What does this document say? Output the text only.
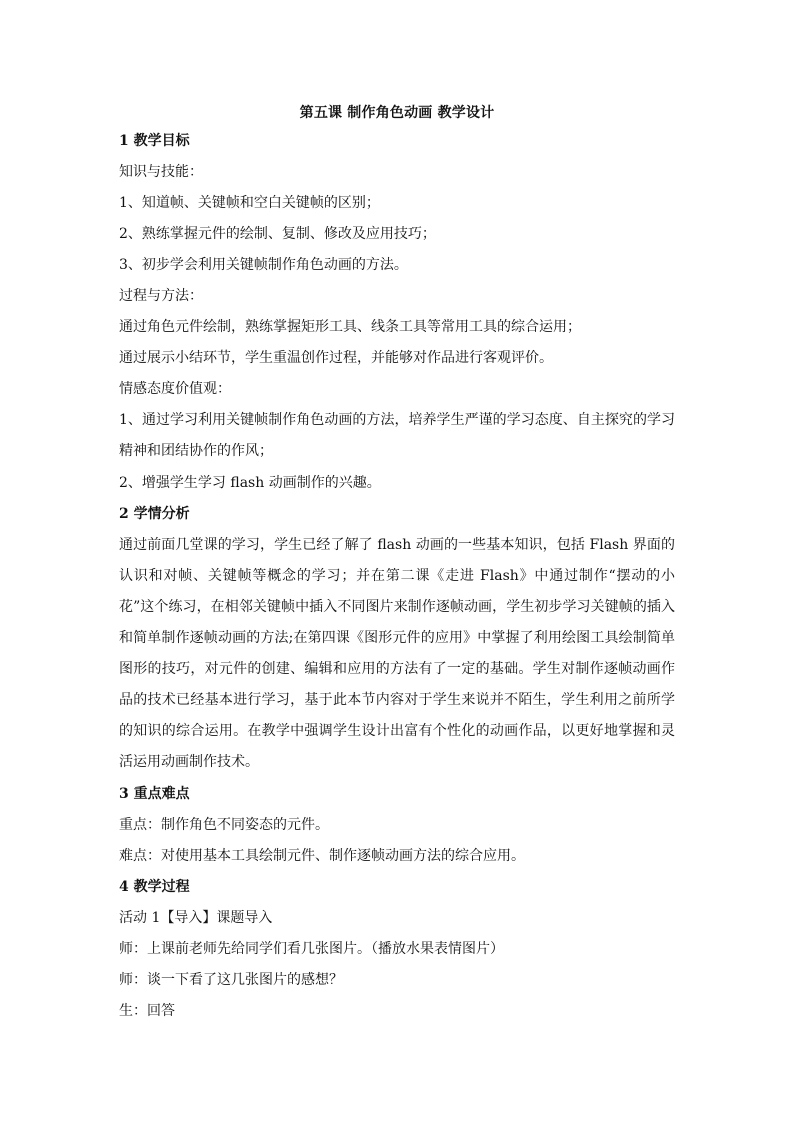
第五课 制作角色动画 教学设计
1 教学目标
知识与技能：
1、知道帧、关键帧和空白关键帧的区别；
2、熟练掌握元件的绘制、复制、修改及应用技巧；
3、初步学会利用关键帧制作角色动画的方法。
过程与方法：
通过角色元件绘制，熟练掌握矩形工具、线条工具等常用工具的综合运用；
通过展示小结环节，学生重温创作过程，并能够对作品进行客观评价。
情感态度价值观：
1、通过学习利用关键帧制作角色动画的方法，培养学生严谨的学习态度、自主探究的学习精神和团结协作的作风；
2、增强学生学习 flash 动画制作的兴趣。
2 学情分析
通过前面几堂课的学习，学生已经了解了 flash 动画的一些基本知识，包括 Flash 界面的认识和对帧、关键帧等概念的学习；并在第二课《走进 Flash》中通过制作“摆动的小花”这个练习，在相邻关键帧中插入不同图片来制作逐帧动画，学生初步学习关键帧的插入和简单制作逐帧动画的方法;在第四课《图形元件的应用》中掌握了利用绘图工具绘制简单图形的技巧，对元件的创建、编辑和应用的方法有了一定的基础。学生对制作逐帧动画作品的技术已经基本进行学习，基于此本节内容对于学生来说并不陌生，学生利用之前所学的知识的综合运用。在教学中强调学生设计出富有个性化的动画作品，以更好地掌握和灵活运用动画制作技术。
3 重点难点
重点：制作角色不同姿态的元件。
难点：对使用基本工具绘制元件、制作逐帧动画方法的综合应用。
4 教学过程
活动 1【导入】课题导入
师：上课前老师先给同学们看几张图片。（播放水果表情图片）
师：谈一下看了这几张图片的感想？
生：回答
